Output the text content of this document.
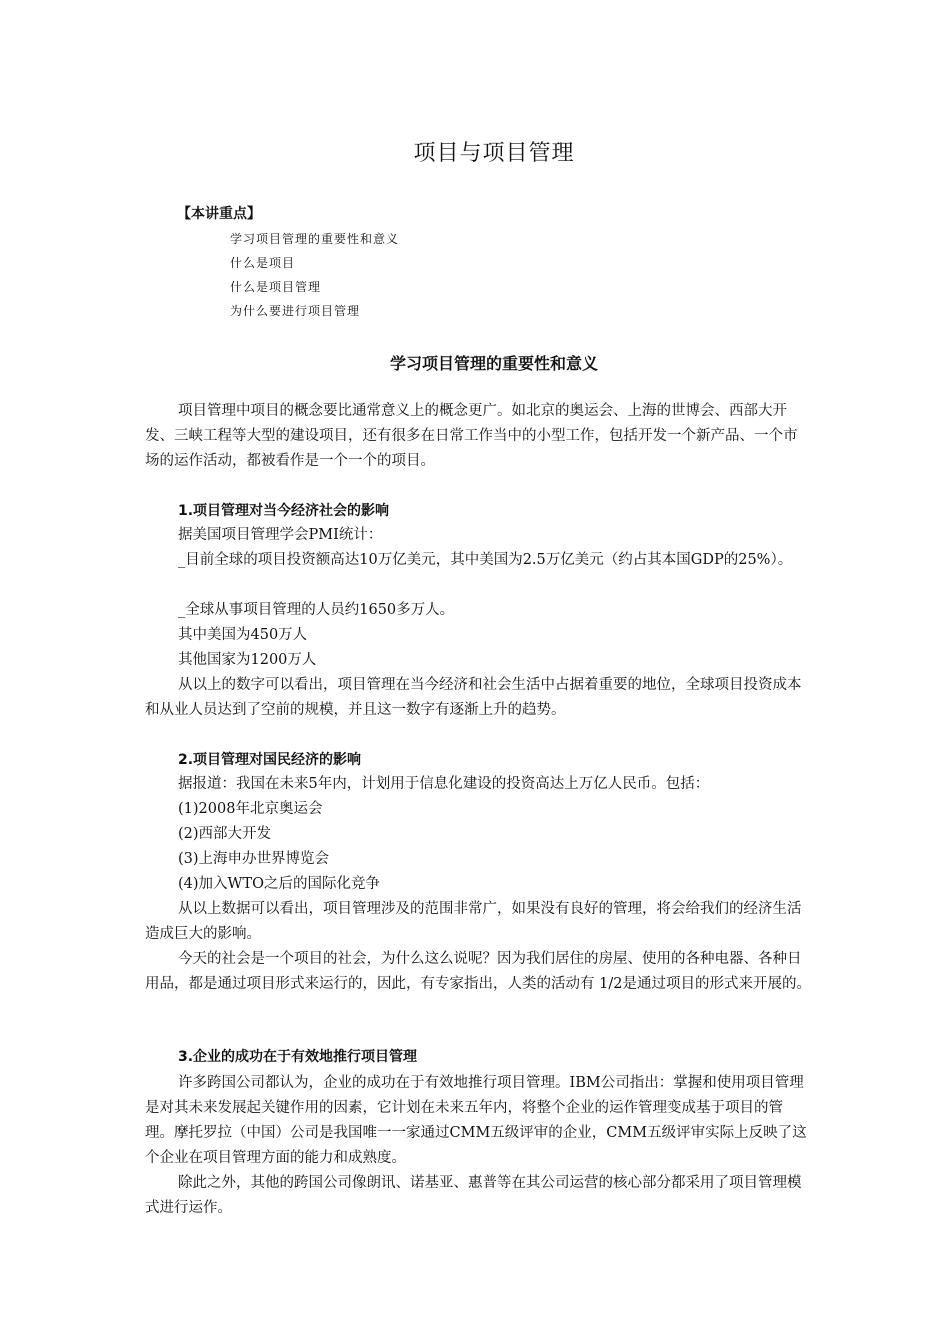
项目与项目管理
【本讲重点】
学习项目管理的重要性和意义
什么是项目
什么是项目管理
为什么要进行项目管理
学习项目管理的重要性和意义

项目管理中项目的概念要比通常意义上的概念更广。如北京的奥运会、上海的世博会、西部大开发、三峡工程等大型的建设项目，还有很多在日常工作当中的小型工作，包括开发一个新产品、一个市场的运作活动，都被看作是一个一个的项目。

1.项目管理对当今经济社会的影响

据美国项目管理学会PMI统计：

_目前全球的项目投资额高达10万亿美元，其中美国为2.5万亿美元（约占其本国GDP的25%）。

_全球从事项目管理的人员约1650多万人。

其中美国为450万人

其他国家为1200万人

从以上的数字可以看出，项目管理在当今经济和社会生活中占据着重要的地位，全球项目投资成本和从业人员达到了空前的规模，并且这一数字有逐渐上升的趋势。

2.项目管理对国民经济的影响

据报道：我国在未来5年内，计划用于信息化建设的投资高达上万亿人民币。包括：

(1)2008年北京奥运会

(2)西部大开发

(3)上海申办世界博览会

(4)加入WTO之后的国际化竞争

从以上数据可以看出，项目管理涉及的范围非常广，如果没有良好的管理，将会给我们的经济生活造成巨大的影响。

今天的社会是一个项目的社会，为什么这么说呢？因为我们居住的房屋、使用的各种电器、各种日用品，都是通过项目形式来运行的，因此，有专家指出，人类的活动有 1/2是通过项目的形式来开展的。

3.企业的成功在于有效地推行项目管理

许多跨国公司都认为，企业的成功在于有效地推行项目管理。IBM公司指出：掌握和使用项目管理是对其未来发展起关键作用的因素，它计划在未来五年内，将整个企业的运作管理变成基于项目的管理。摩托罗拉（中国）公司是我国唯一一家通过CMM五级评审的企业，CMM五级评审实际上反映了这个企业在项目管理方面的能力和成熟度。

除此之外，其他的跨国公司像朗讯、诺基亚、惠普等在其公司运营的核心部分都采用了项目管理模式进行运作。
